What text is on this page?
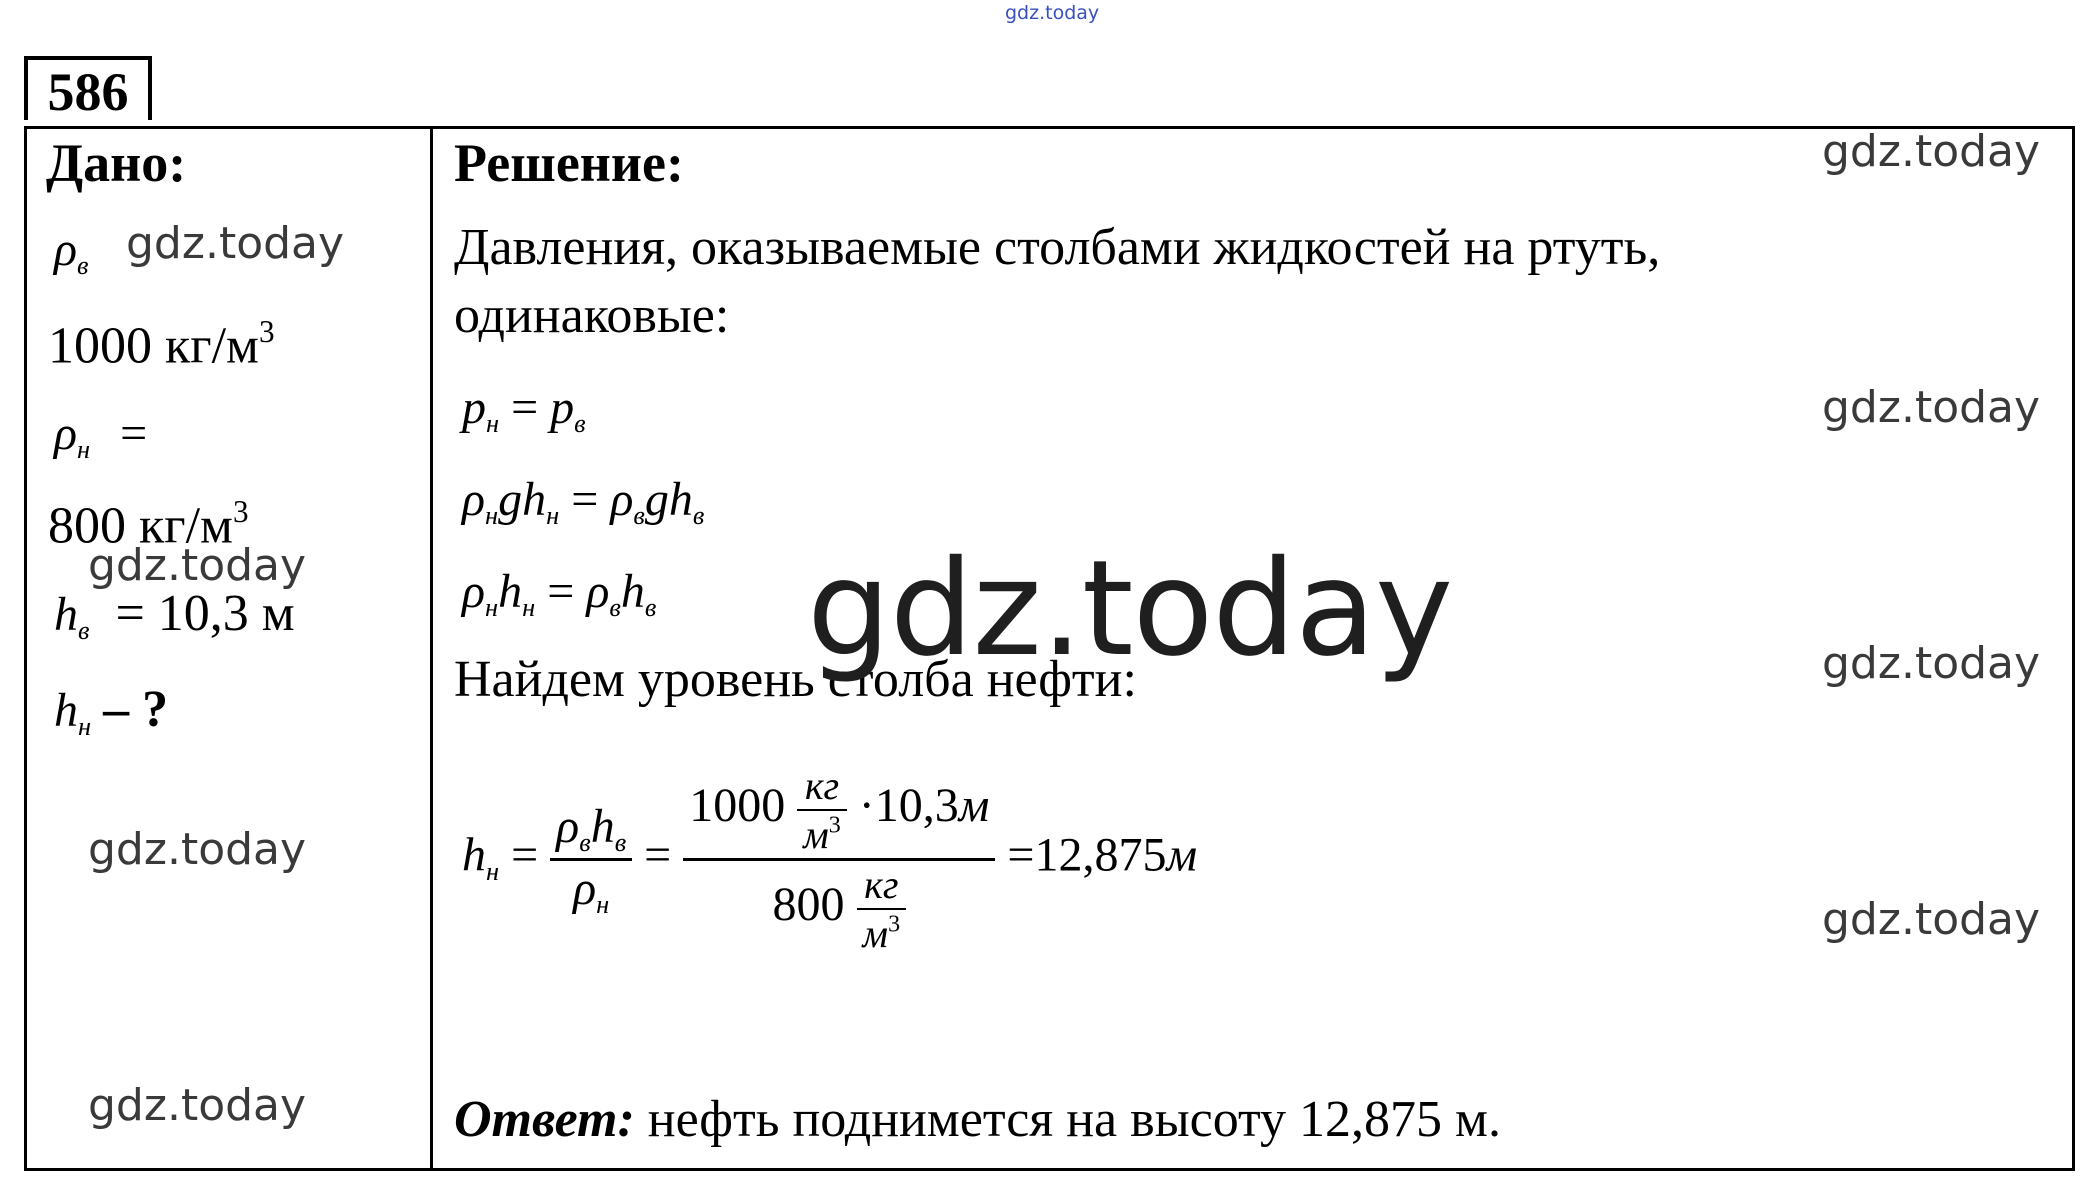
gdz.today
586
Дано:
$\rho_в$
1000 $кг/м^3$
$\rho_н$ =
800 $кг/м^3$
$h_в = 10,3$ м
$h_н$ – ?
Решение:
Давления, оказываемые столбами жидкостей на ртуть,
одинаковые:
$p_н = p_в$
$\rho_нgh_н = \rho_вgh_в$
$\rho_нh_н = \rho_вh_в$
Найдем уровень столба нефти:
$h_н = \frac{\rho_вh_в}{\rho_н} = \frac{1000 \frac{кг}{м^3} \cdot 10,3м}{800 \frac{кг}{м^3}} =12,875м$
Ответ: нефть поднимется на высоту 12,875 м.
gdz.today
gdz.today
gdz.today
gdz.today
gdz.today
gdz.today
gdz.today
gdz.today
gdz.today
